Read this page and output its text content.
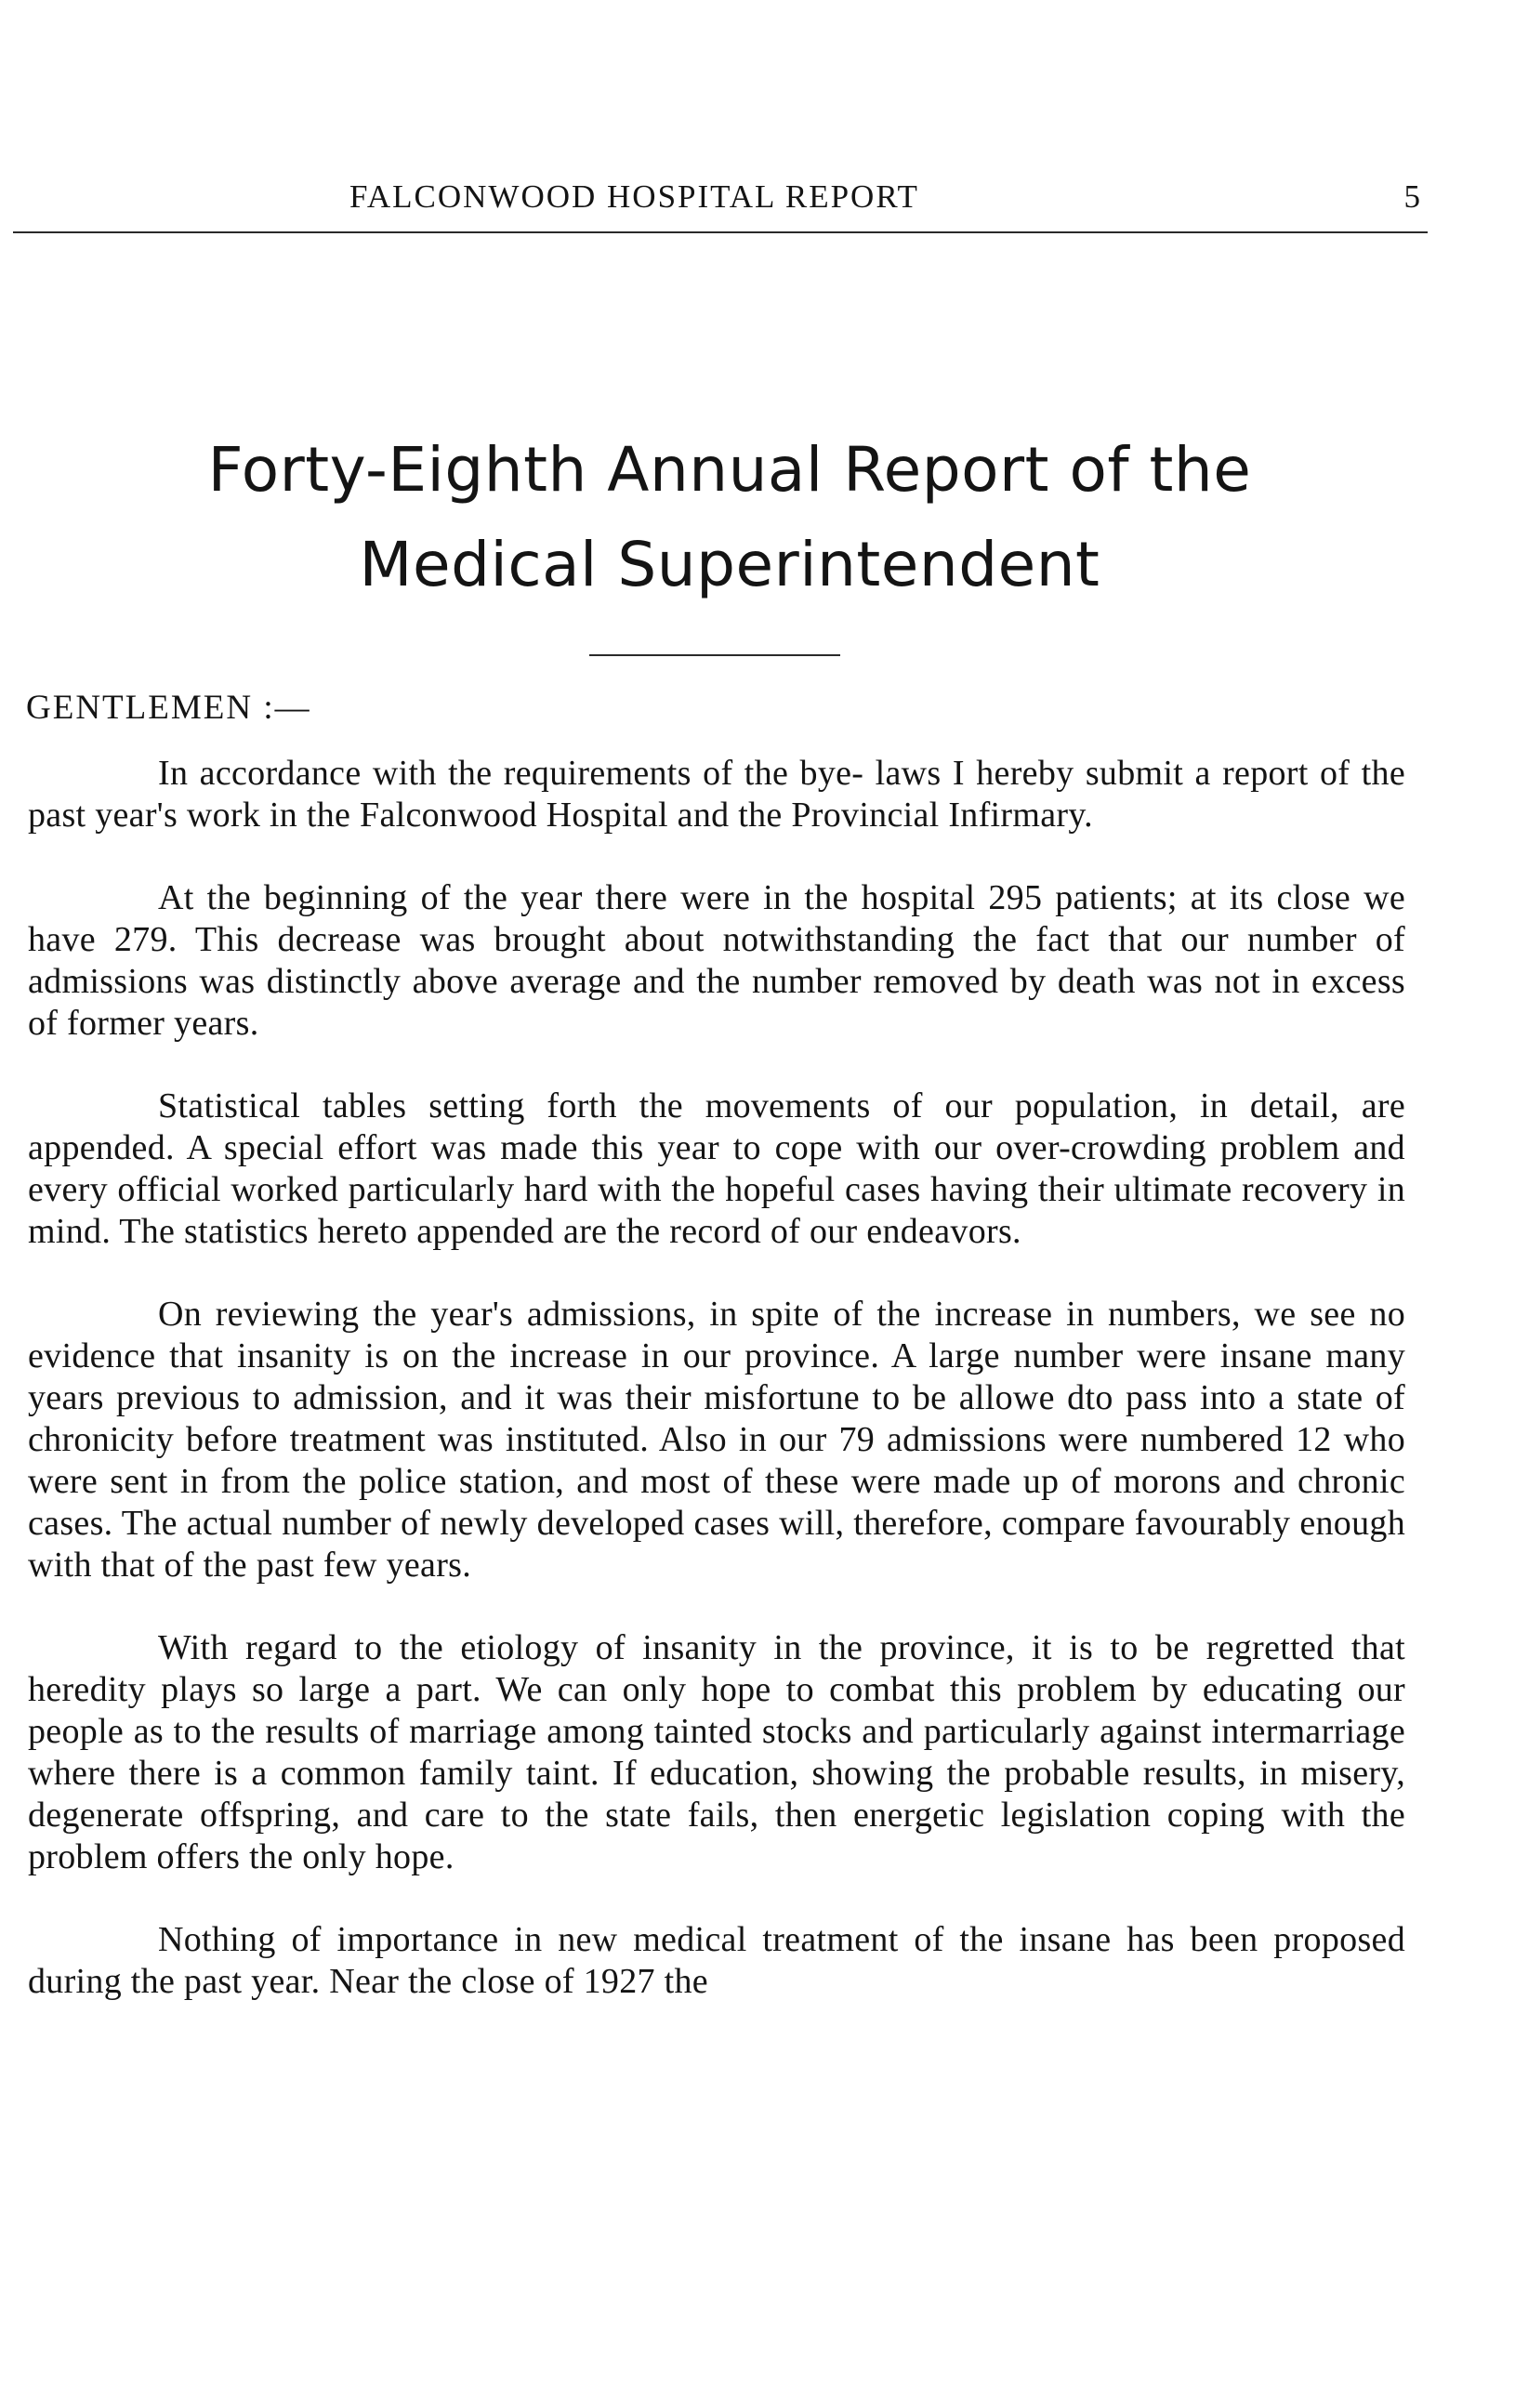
FALCONWOOD HOSPITAL REPORT	5
Forty-Eighth Annual Report of the
Medical Superintendent
GENTLEMEN :—

In accordance with the requirements of the bye- laws I hereby submit a report of the past year's work in the Falconwood Hospital and the Provincial Infirmary.

At the beginning of the year there were in the hospital 295 patients; at its close we have 279. This decrease was brought about notwithstanding the fact that our number of admissions was distinctly above average and the number removed by death was not in excess of former years.

Statistical tables setting forth the movements of our population, in detail, are appended. A special effort was made this year to cope with our over-crowding problem and every official worked particularly hard with the hopeful cases having their ultimate recovery in mind. The statistics hereto appended are the record of our endeavors.

On reviewing the year's admissions, in spite of the increase in numbers, we see no evidence that insanity is on the increase in our province. A large number were insane many years previous to admission, and it was their misfortune to be allowe dto pass into a state of chronicity before treatment was instituted. Also in our 79 admissions were numbered 12 who were sent in from the police station, and most of these were made up of morons and chronic cases. The actual number of newly developed cases will, therefore, compare favourably enough with that of the past few years.

With regard to the etiology of insanity in the province, it is to be regretted that heredity plays so large a part. We can only hope to combat this problem by educating our people as to the results of marriage among tainted stocks and particularly against intermarriage where there is a common family taint. If education, showing the probable results, in misery, degenerate offspring, and care to the state fails, then energetic legislation coping with the problem offers the only hope.

Nothing of importance in new medical treatment of the insane has been proposed during the past year. Near the close of 1927 the
